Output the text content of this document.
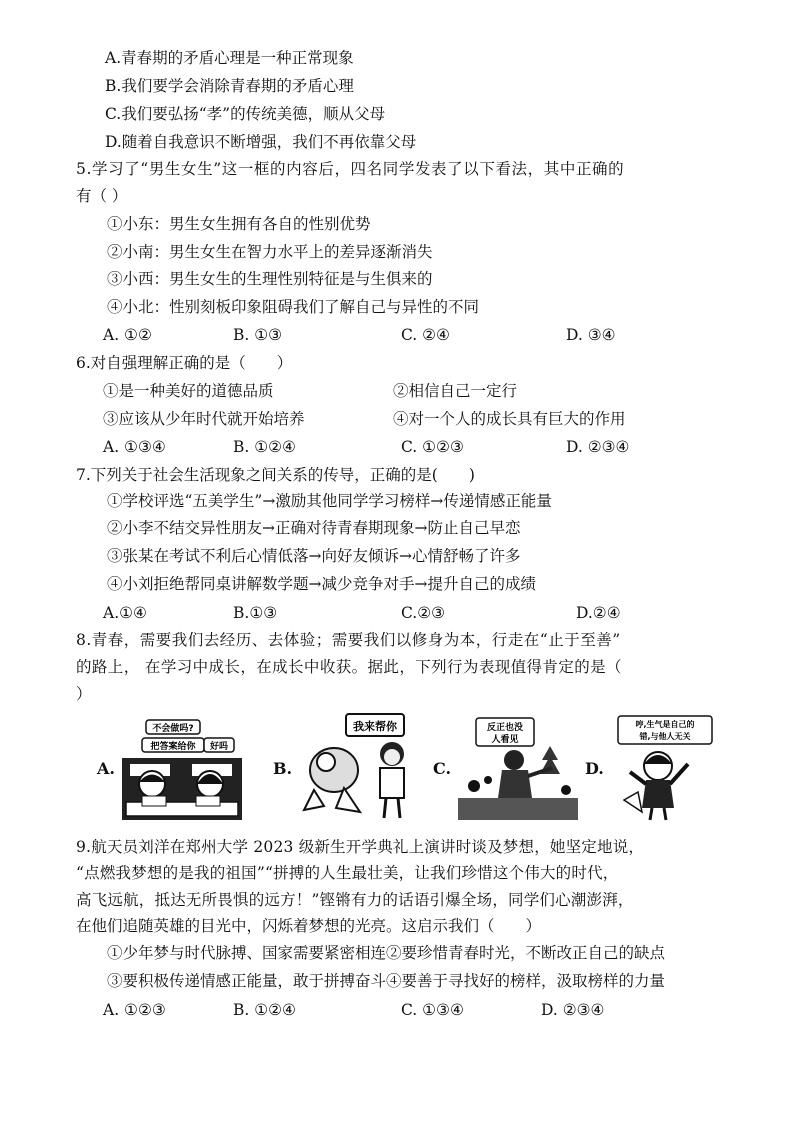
A.青春期的矛盾心理是一种正常现象
B.我们要学会消除青春期的矛盾心理
C.我们要弘扬“孝”的传统美德，顺从父母
D.随着自我意识不断增强，我们不再依靠父母
5.学习了“男生女生”这一框的内容后，四名同学发表了以下看法，其中正确的
有（ ）
①小东：男生女生拥有各自的性别优势
②小南：男生女生在智力水平上的差异逐渐消失
③小西：男生女生的生理性别特征是与生俱来的
④小北：性别刻板印象阻碍我们了解自己与异性的不同
A. ①②	B. ①③	C. ②④	D. ③④
6.对自强理解正确的是（　　）
①是一种美好的道德品质	②相信自己一定行
③应该从少年时代就开始培养	④对一个人的成长具有巨大的作用
A. ①③④	B. ①②④	C. ①②③	D. ②③④
7.下列关于社会生活现象之间关系的传导，正确的是(　　)
①学校评选“五美学生”→激励其他同学学习榜样→传递情感正能量
②小李不结交异性朋友→正确对待青春期现象→防止自己早恋
③张某在考试不利后心情低落→向好友倾诉→心情舒畅了许多
④小刘拒绝帮同桌讲解数学题→减少竞争对手→提升自己的成绩
A.①④	B.①③	C.②③	D.②④
8.青春，需要我们去经历、去体验；需要我们以修身为本，行走在“止于至善”
的路上， 在学习中成长，在成长中收获。据此，下列行为表现值得肯定的是（
）
A.
不会做吗?
把答案给你 好吗
B.
我来帮你
C.
反正也没
人看见
D.
哼,生气是自己的
错,与他人无关
9.航天员刘洋在郑州大学 2023 级新生开学典礼上演讲时谈及梦想，她坚定地说，
“点燃我梦想的是我的祖国”“拼搏的人生最壮美，让我们珍惜这个伟大的时代，
高飞远航，抵达无所畏惧的远方！”铿锵有力的话语引爆全场，同学们心潮澎湃，
在他们追随英雄的目光中，闪烁着梦想的光亮。这启示我们（　　）
①少年梦与时代脉搏、国家需要紧密相连②要珍惜青春时光，不断改正自己的缺点
③要积极传递情感正能量，敢于拼搏奋斗④要善于寻找好的榜样，汲取榜样的力量
A. ①②③	B. ①②④	C. ①③④	D. ②③④
